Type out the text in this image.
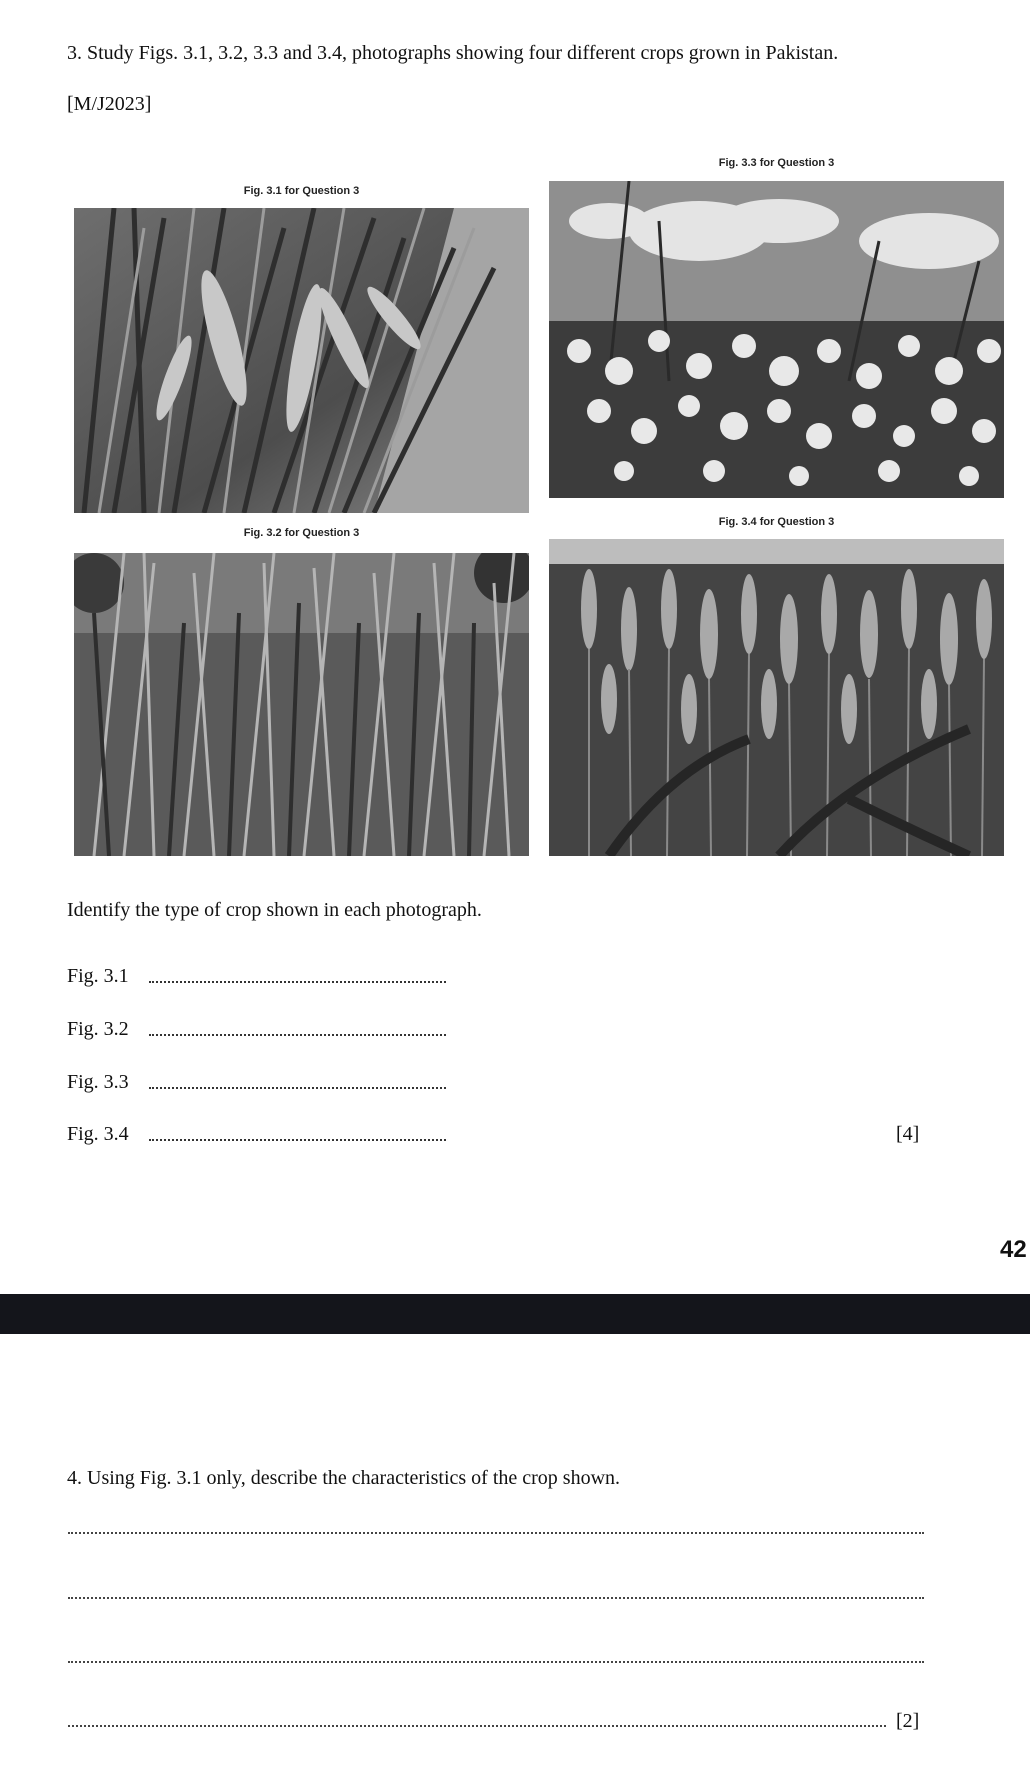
3. Study Figs. 3.1, 3.2, 3.3 and 3.4, photographs showing four different crops grown in Pakistan.
[M/J2023]
Fig. 3.1 for Question 3
Fig. 3.3 for Question 3
Fig. 3.2 for Question 3
Fig. 3.4 for Question 3
Identify the type of crop shown in each photograph.
Fig. 3.1
Fig. 3.2
Fig. 3.3
Fig. 3.4	[4]
42
4. Using Fig. 3.1 only, describe the characteristics of the crop shown.
[2]
